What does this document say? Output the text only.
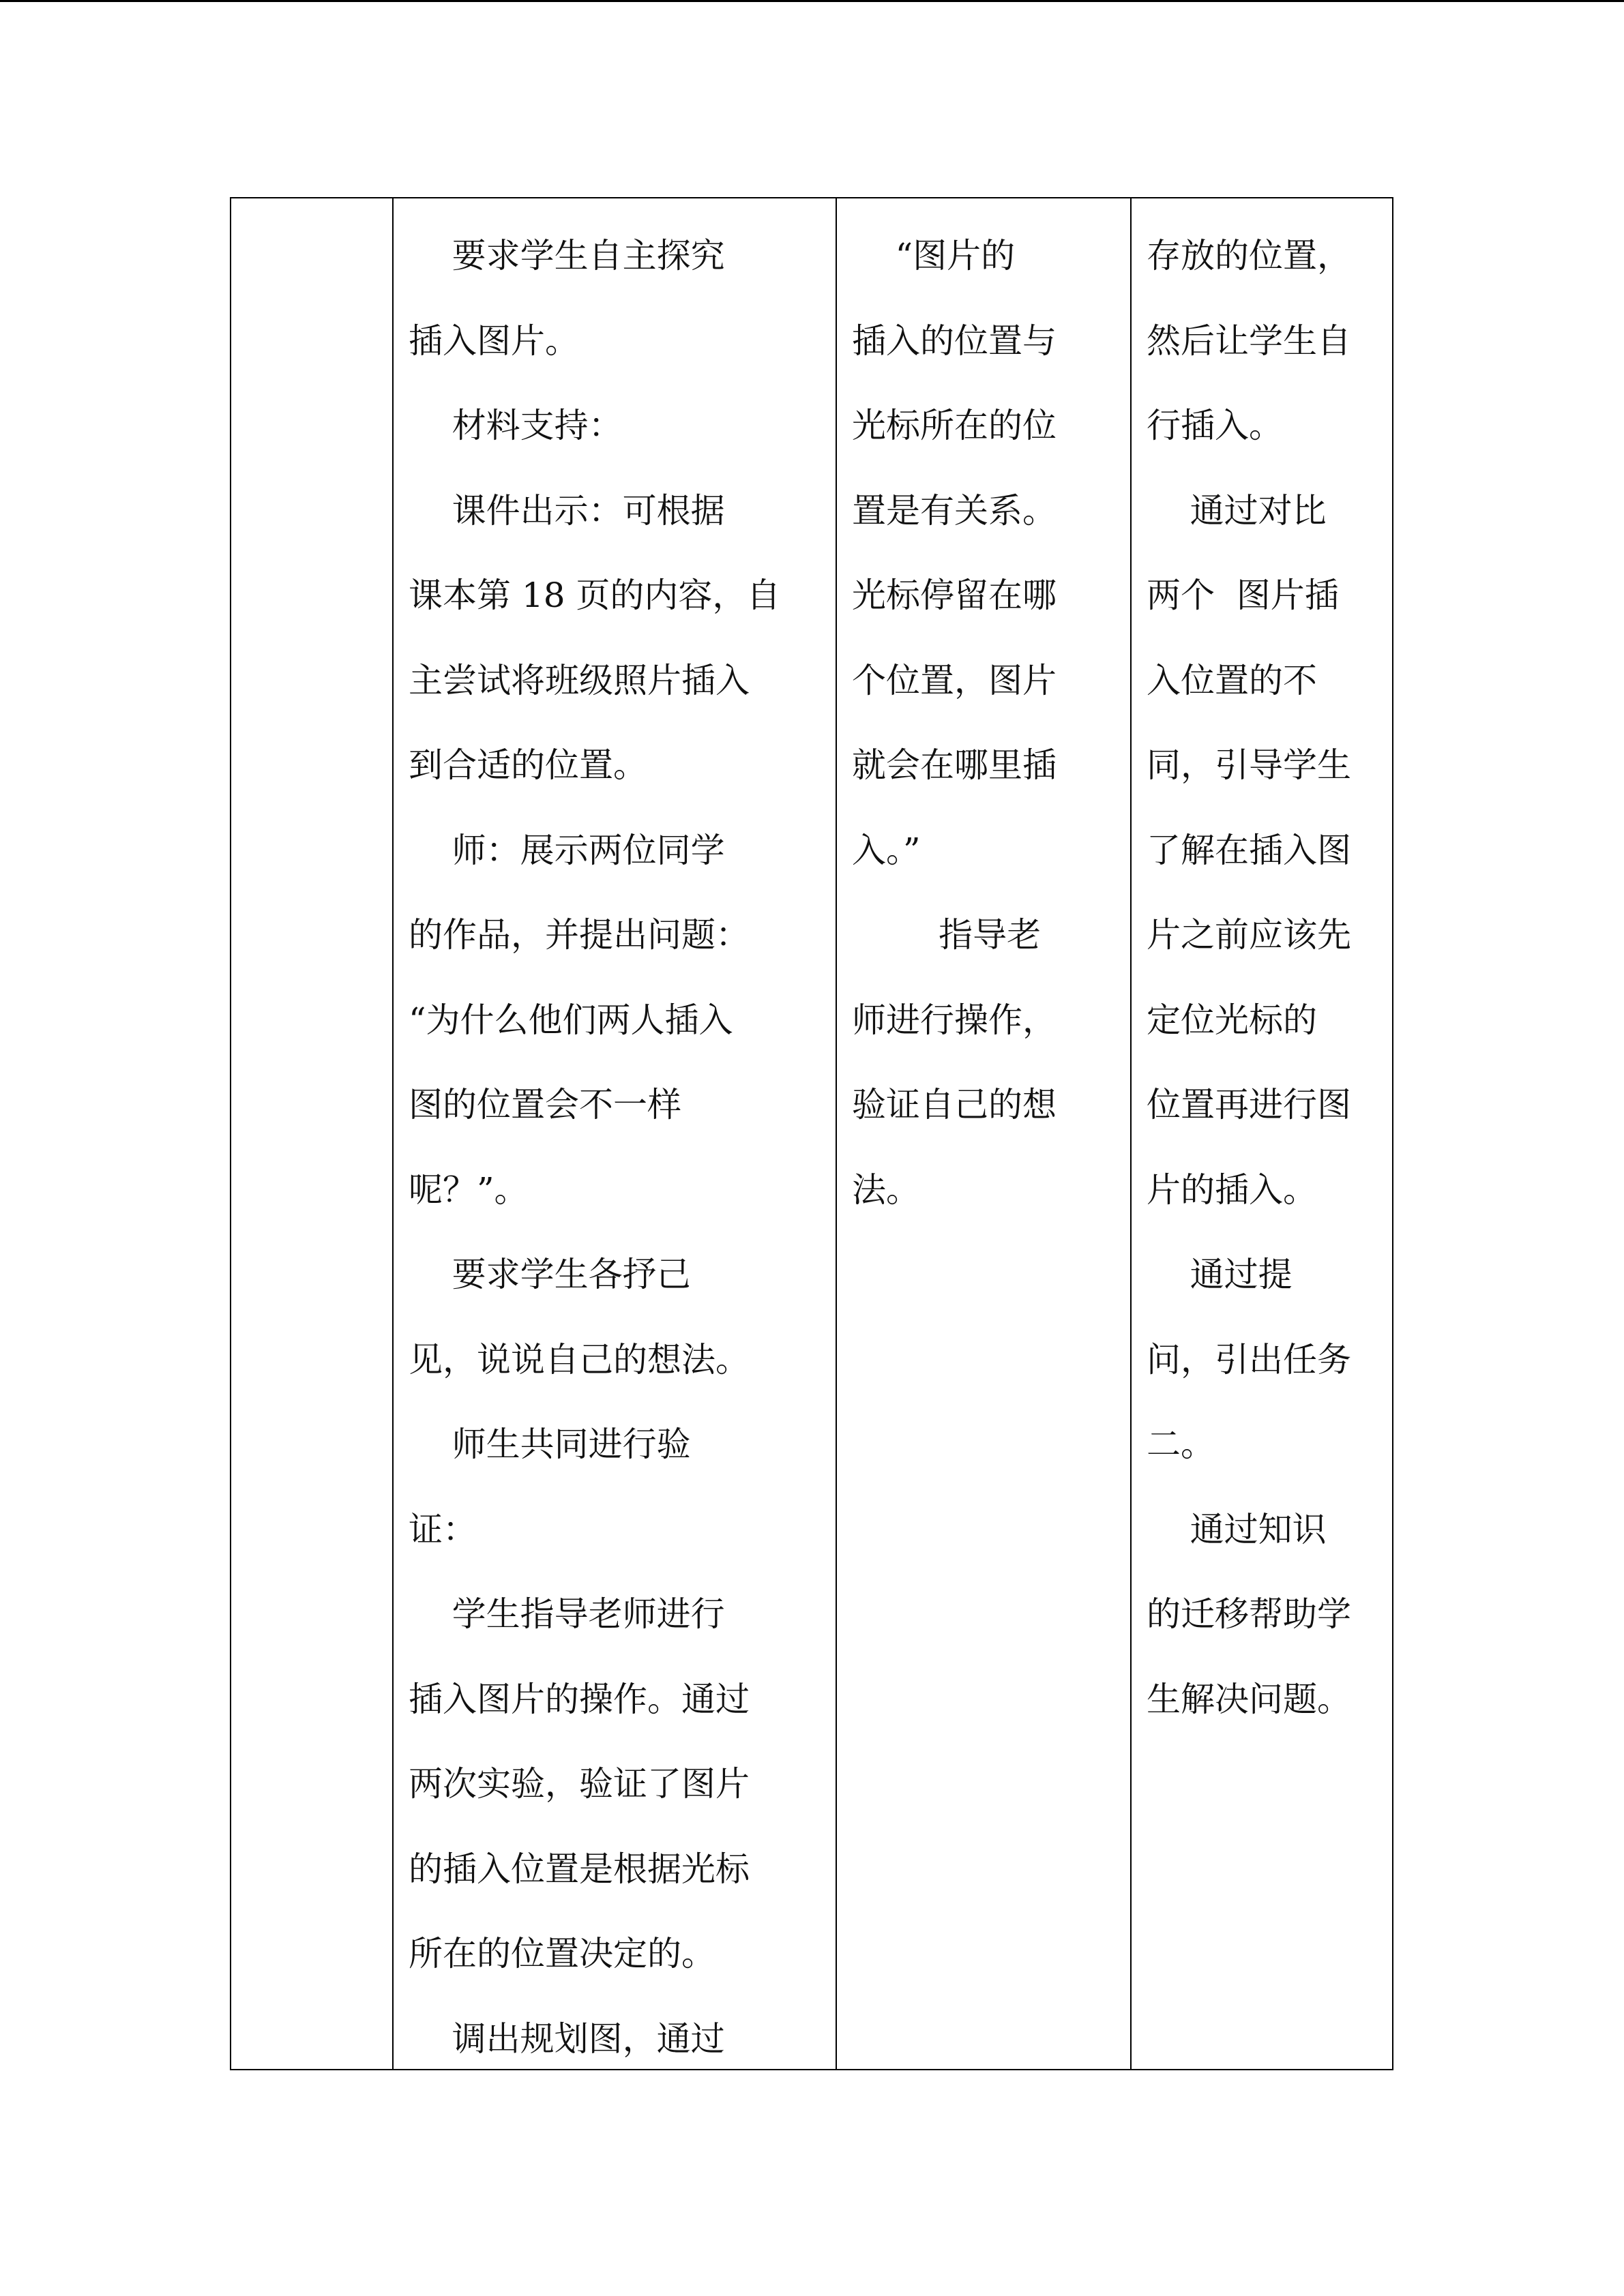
要求学生自主探究
插入图片。
材料支持：
课件出示：可根据
课本第 18 页的内容，自
主尝试将班级照片插入
到合适的位置。
师：展示两位同学
的作品，并提出问题：
“为什么他们两人插入
图的位置会不一样
呢？”。
要求学生各抒己
见，说说自己的想法。
师生共同进行验
证：
学生指导老师进行
插入图片的操作。通过
两次实验，验证了图片
的插入位置是根据光标
所在的位置决定的。
调出规划图，通过
“图片的
插入的位置与
光标所在的位
置是有关系。
光标停留在哪
个位置，图片
就会在哪里插
入。”
指导老
师进行操作，
验证自己的想
法。
存放的位置，
然后让学生自
行插入。
通过对比
两个  图片插
入位置的不
同，引导学生
了解在插入图
片之前应该先
定位光标的
位置再进行图
片的插入。
通过提
问，引出任务
二。
通过知识
的迁移帮助学
生解决问题。
